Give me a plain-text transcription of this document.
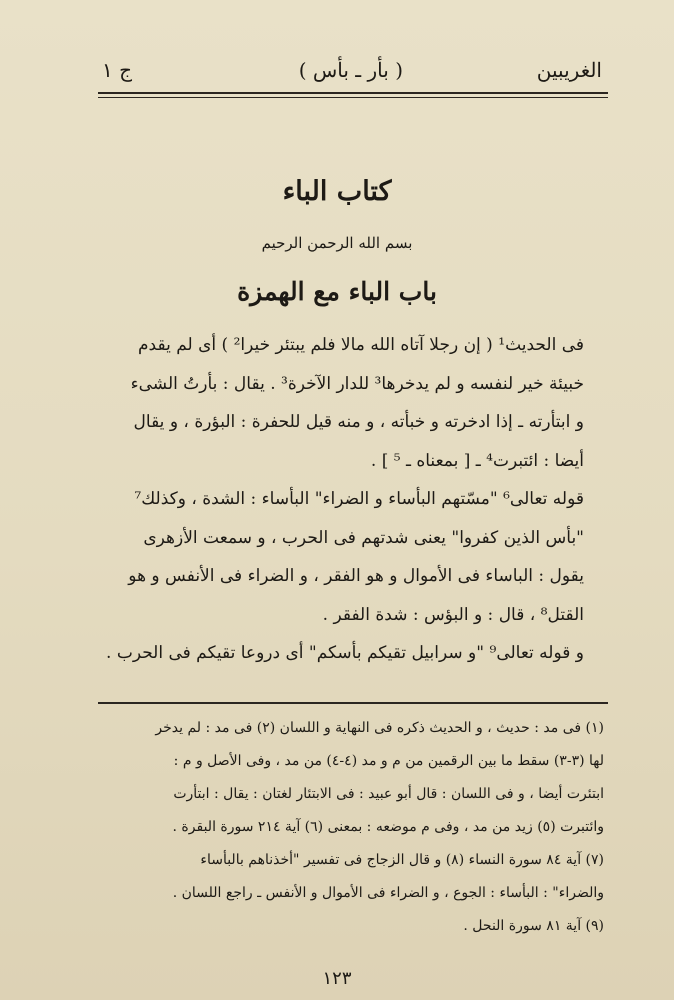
الغريبين
( بأر ـ بأس )
ج ١
كتاب الباء
بسم الله الرحمن الرحيم
باب الباء مع الهمزة
فى الحديث¹ ( إن رجلا آتاه الله مالا فلم يبتئر خيرا² ) أى لم يقدم
خبيئة خير لنفسه و لم يدخرها³ للدار الآخرة³ . يقال : بأرتُ الشىء
و ابتأرته ـ إذا ادخرته و خبأته ، و منه قيل للحفرة : البؤرة ، و يقال
أيضا : ائتبرت⁴ ـ [ بمعناه ـ ⁵ ] .
قوله تعالى⁶ "مسّتهم البأساء و الضراء" البأساء : الشدة ، وكذلك⁷
"بأس الذين كفروا" يعنى شدتهم فى الحرب ، و سمعت الأزهرى
يقول : الباساء فى الأموال و هو الفقر ، و الضراء فى الأنفس و هو
القتل⁸ ، قال : و البؤس : شدة الفقر .
و قوله تعالى⁹ "و سرابيل تقيكم بأسكم" أى دروعا تقيكم فى الحرب .
(١) فى مد : حديث ، و الحديث ذكره فى النهاية و اللسان (٢) فى مد : لم يدخر
لها (٣-٣) سقط ما بين الرقمين من م و مد (٤-٤) من مد ، وفى الأصل و م :
ابتئرت أيضا ، و فى اللسان : قال أبو عبيد : فى الابتئار لغتان : يقال : ابتأرت
وائتبرت (٥) زيد من مد ، وفى م موضعه : بمعنى (٦) آية ٢١٤ سورة البقرة .
(٧) آية ٨٤ سورة النساء (٨) و قال الزجاج فى تفسير "أخذناهم بالبأساء
والضراء" : البأساء : الجوع ، و الضراء فى الأموال و الأنفس ـ راجع اللسان .
(٩) آية ٨١ سورة النحل .
١٢٣
